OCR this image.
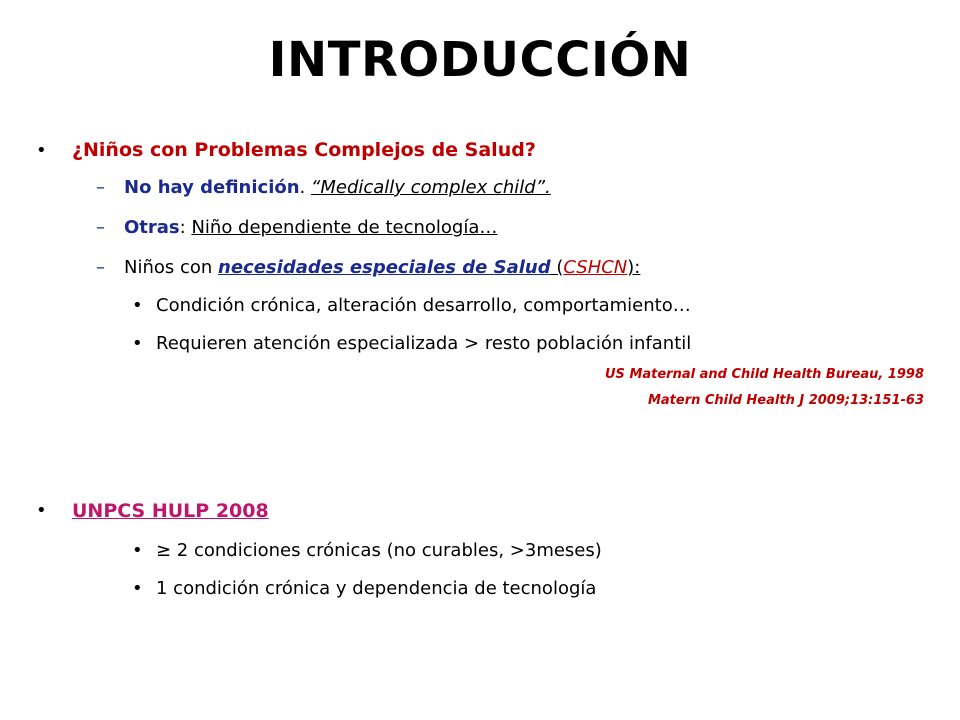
INTRODUCCIÓN
• ¿Niños con Problemas Complejos de Salud?
– No hay definición. “Medically complex child”.
– Otras: Niño dependiente de tecnología…
– Niños con necesidades especiales de Salud (CSHCN):
• Condición crónica, alteración desarrollo, comportamiento…
• Requieren atención especializada > resto población infantil
US Maternal and Child Health Bureau, 1998
Matern Child Health J 2009;13:151-63
• UNPCS HULP 2008
• ≥ 2 condiciones crónicas (no curables, >3meses)
• 1 condición crónica y dependencia de tecnología
